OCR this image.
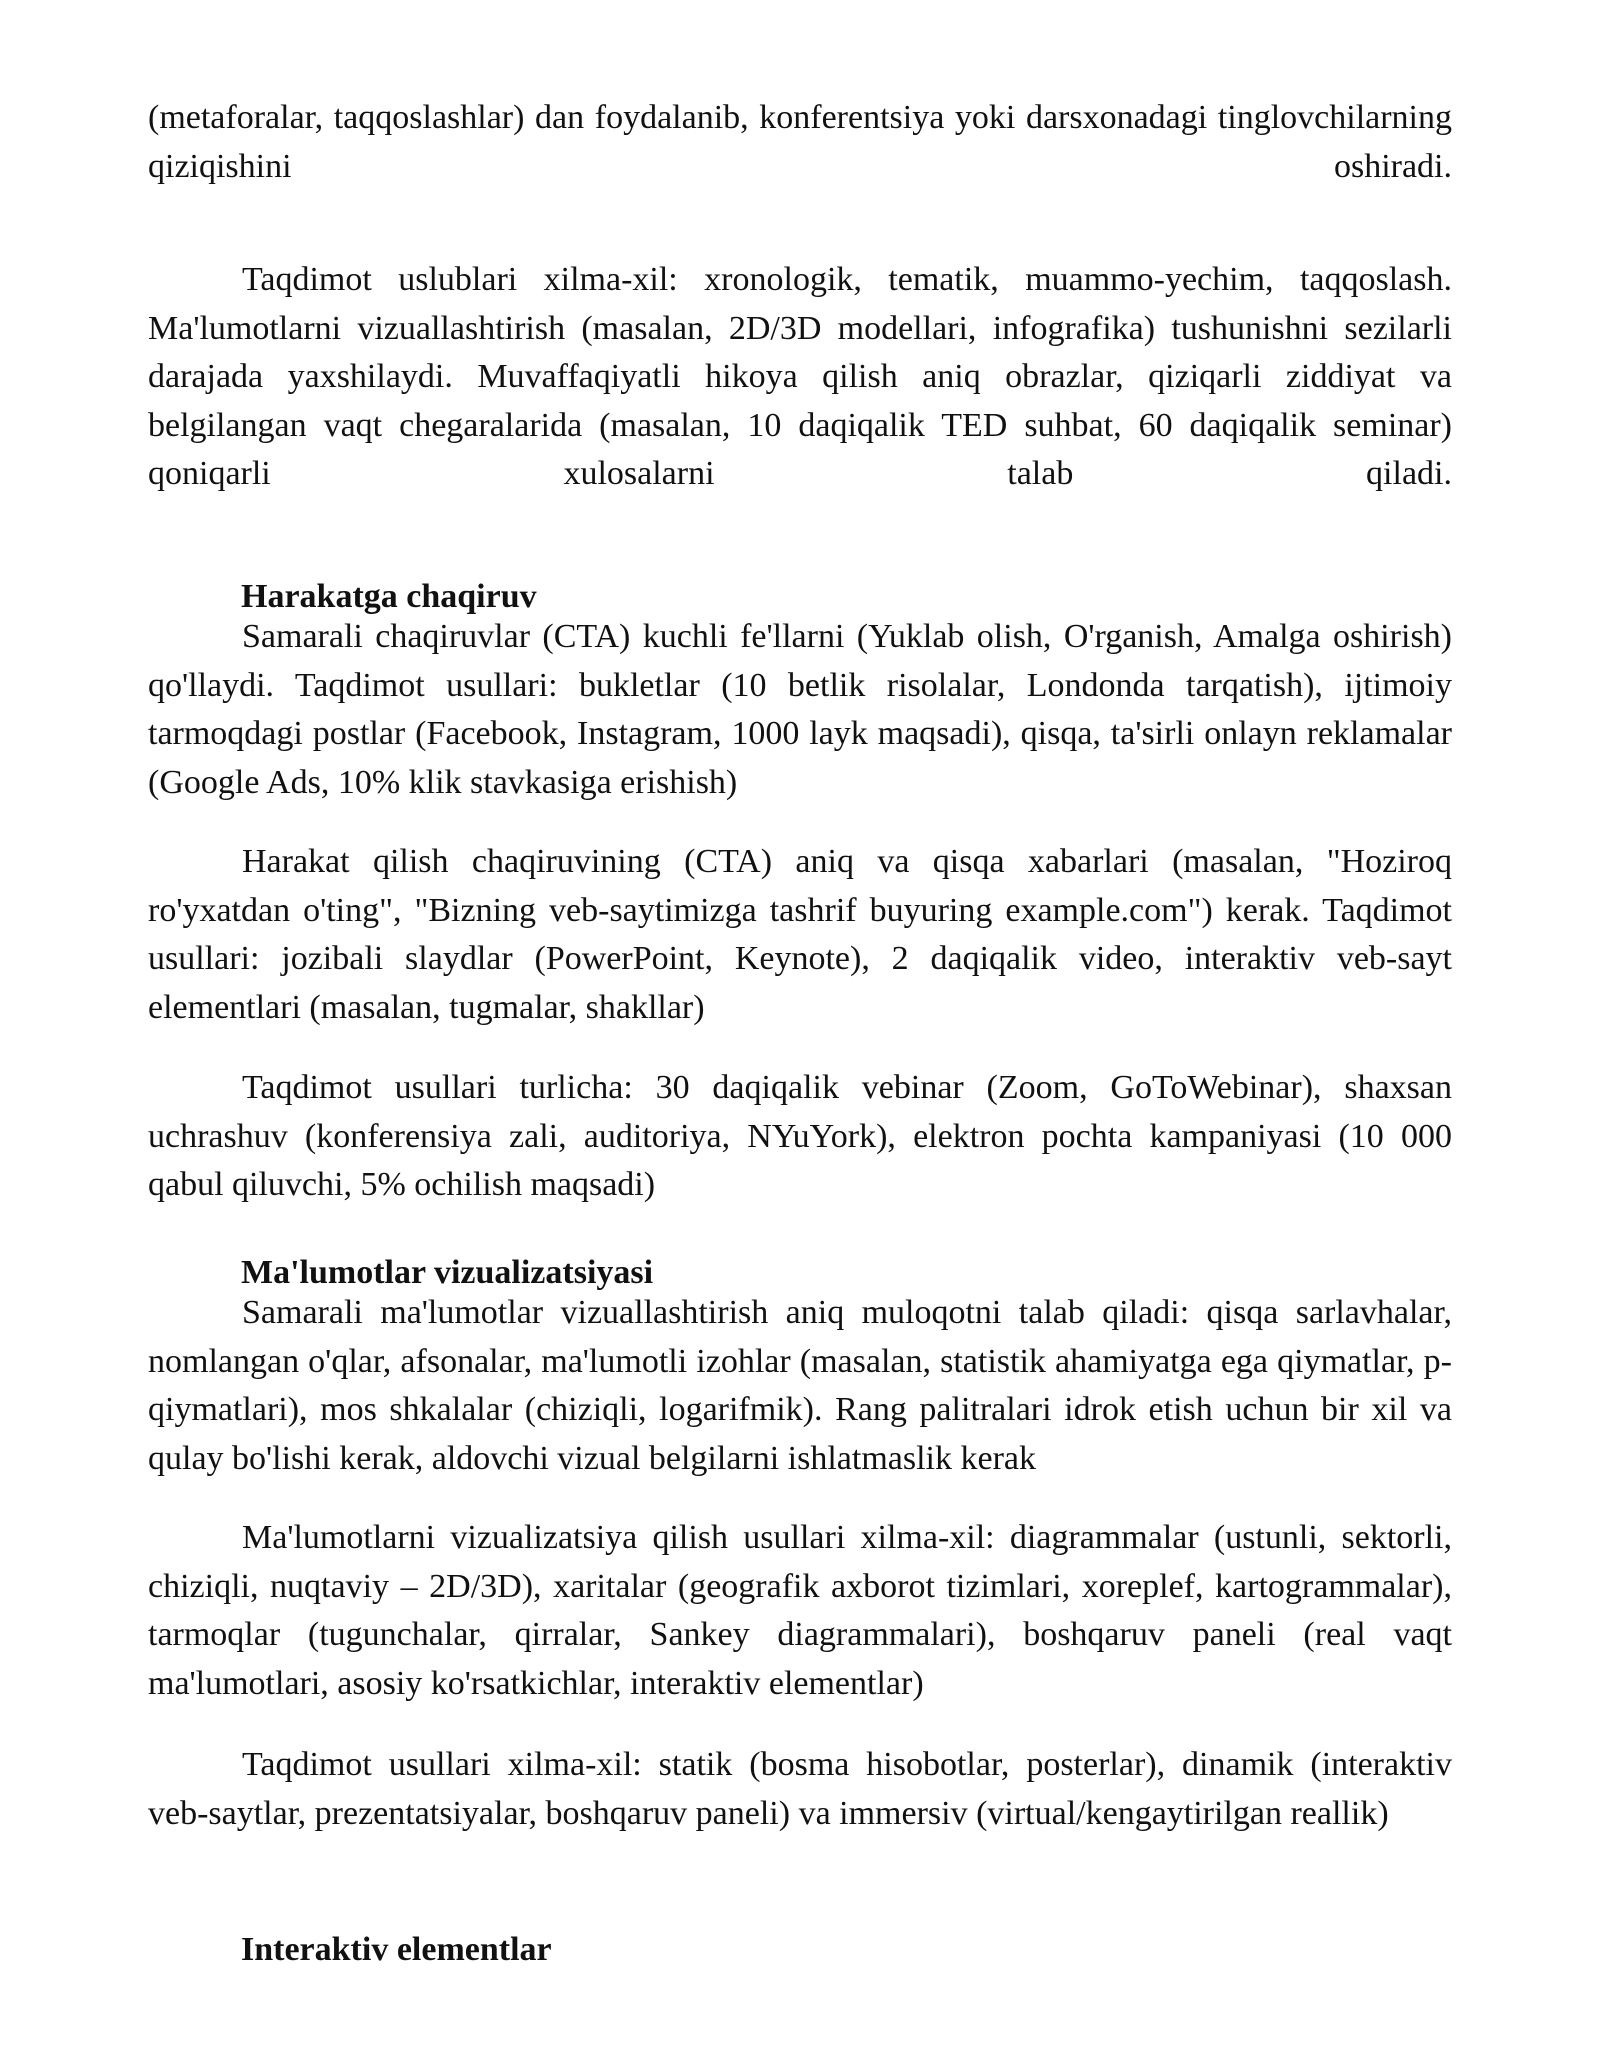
(metaforalar, taqqoslashlar) dan foydalanib, konferentsiya yoki darsxonadagi tinglovchilarning qiziqishini oshiradi.

Taqdimot uslublari xilma-xil: xronologik, tematik, muammo-yechim, taqqoslash. Ma'lumotlarni vizuallashtirish (masalan, 2D/3D modellari, infografika) tushunishni sezilarli darajada yaxshilaydi. Muvaffaqiyatli hikoya qilish aniq obrazlar, qiziqarli ziddiyat va belgilangan vaqt chegaralarida (masalan, 10 daqiqalik TED suhbat, 60 daqiqalik seminar) qoniqarli xulosalarni talab qiladi.

Harakatga chaqiruv

Samarali chaqiruvlar (CTA) kuchli fe'llarni (Yuklab olish, O'rganish, Amalga oshirish) qo'llaydi. Taqdimot usullari: bukletlar (10 betlik risolalar, Londonda tarqatish), ijtimoiy tarmoqdagi postlar (Facebook, Instagram, 1000 layk maqsadi), qisqa, ta'sirli onlayn reklamalar (Google Ads, 10% klik stavkasiga erishish)

Harakat qilish chaqiruvining (CTA) aniq va qisqa xabarlari (masalan, "Hoziroq ro'yxatdan o'ting", "Bizning veb-saytimizga tashrif buyuring example.com") kerak. Taqdimot usullari: jozibali slaydlar (PowerPoint, Keynote), 2 daqiqalik video, interaktiv veb-sayt elementlari (masalan, tugmalar, shakllar)

Taqdimot usullari turlicha: 30 daqiqalik vebinar (Zoom, GoToWebinar), shaxsan uchrashuv (konferensiya zali, auditoriya, NYuYork), elektron pochta kampaniyasi (10 000 qabul qiluvchi, 5% ochilish maqsadi)

Ma'lumotlar vizualizatsiyasi

Samarali ma'lumotlar vizuallashtirish aniq muloqotni talab qiladi: qisqa sarlavhalar, nomlangan o'qlar, afsonalar, ma'lumotli izohlar (masalan, statistik ahamiyatga ega qiymatlar, p-qiymatlari), mos shkalalar (chiziqli, logarifmik). Rang palitralari idrok etish uchun bir xil va qulay bo'lishi kerak, aldovchi vizual belgilarni ishlatmaslik kerak

Ma'lumotlarni vizualizatsiya qilish usullari xilma-xil: diagrammalar (ustunli, sektorli, chiziqli, nuqtaviy – 2D/3D), xaritalar (geografik axborot tizimlari, xoreplef, kartogrammalar), tarmoqlar (tugunchalar, qirralar, Sankey diagrammalari), boshqaruv paneli (real vaqt ma'lumotlari, asosiy ko'rsatkichlar, interaktiv elementlar)

Taqdimot usullari xilma-xil: statik (bosma hisobotlar, posterlar), dinamik (interaktiv veb-saytlar, prezentatsiyalar, boshqaruv paneli) va immersiv (virtual/kengaytirilgan reallik)

Interaktiv elementlar
